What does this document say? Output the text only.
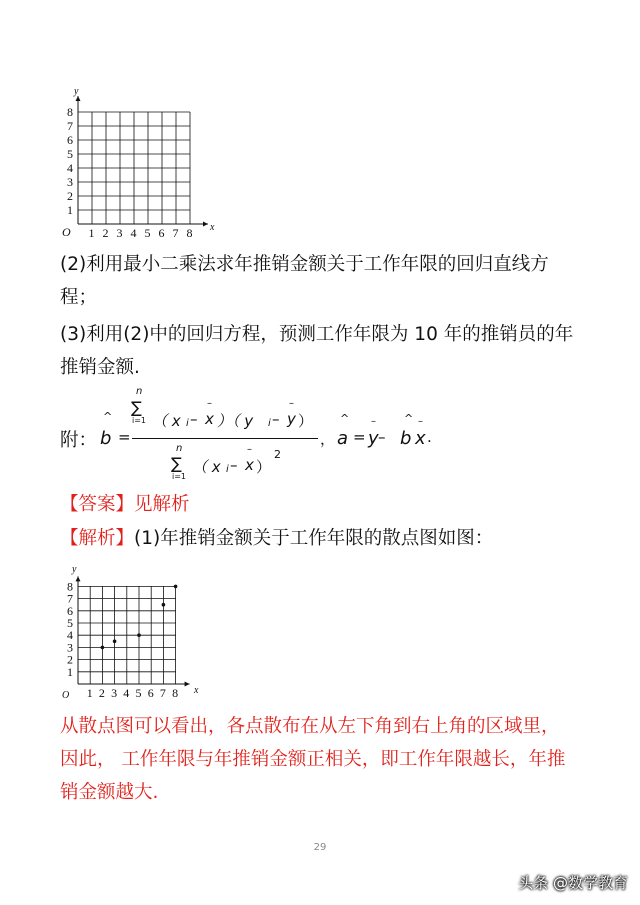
y
x
O
8
7
6
5
4
3
2
1
1 2 3 4 5 6 7 8
(2)利用最小二乘法求年推销金额关于工作年限的回归直线方
程；
(3)利用(2)中的回归方程，预测工作年限为 10 年的推销员的年
推销金额.
附：
^
b =
n
∑
i=1 （ x i –
–
x ）（ y i –
–
y ）
n
∑
i=1
（ x i –
–
x ）
2
，
^
a =
–
y –
^
b
–
x .
【答案】见解析
【解析】(1)年推销金额关于工作年限的散点图如图：
y
x
O
1
2
3
4
5
6
7
8
1 2 3 4 5 6 7 8
从散点图可以看出，各点散布在从左下角到右上角的区域里，
因此， 工作年限与年推销金额正相关，即工作年限越长，年推
销金额越大.
29
头条 @数学教育
